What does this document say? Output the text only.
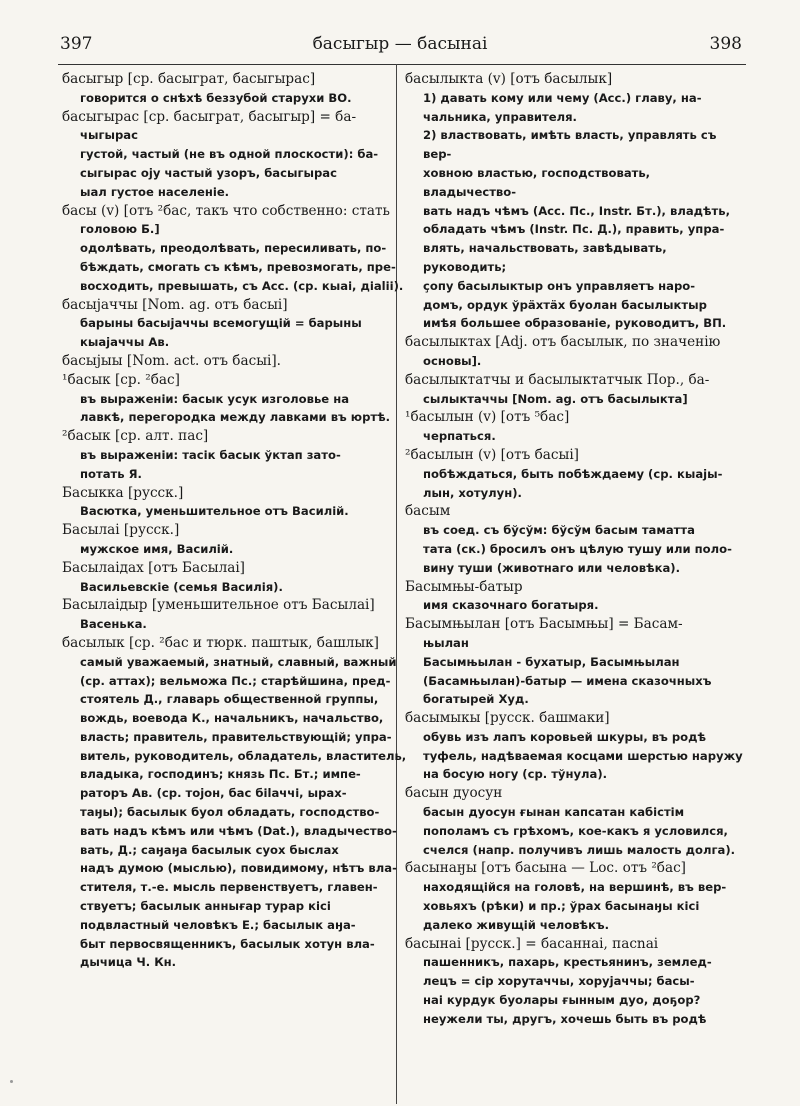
397	басыгыр — басынаі	398
басыгыр [ср. басыграт, басыгырас]
говорится о снѣхѣ беззубой старухи ВО.
басыгырас [ср. басыграт, басыгыр] = ба-
чыгырас
густой, частый (не въ одной плоскости): ба-
сыгырас оју частый узоръ, басыгырас
ыал густое населеніе.
басы (v) [отъ ²бас, такъ что собственно: стать
головою Б.]
одолѣвать, преодолѣвать, пересиливать, по-
бѣждать, смогать съ кѣмъ, превозмогать, пре-
восходить, превышать, съ Acc. (ср. кыаі, діаlіі).
басыјаччы [Nom. ag. отъ басыі]
барыны басыјаччы всемогущій = барыны
кыајаччы Ав.
басыјыы [Nom. act. отъ басыі].
¹басык [ср. ²бас]
въ выраженіи: басык усук изголовье на
лавкѣ, перегородка между лавками въ юртѣ.
²басык [ср. алт. пас]
въ выраженіи: тасік басык ўктап зато-
потать Я.
Басыкка [русск.]
Васютка, уменьшительное отъ Василій.
Басылаі [русск.]
мужское имя, Василій.
Басылаідах [отъ Басылаі]
Васильевскіе (семья Василія).
Басылаідыр [уменьшительное отъ Басылаі]
Васенька.
басылык [ср. ²бас и тюрк. паштык, башлык]
самый уважаемый, знатный, славный, важный
(ср. аттах); вельможа Пс.; старѣйшина, пред-
стоятель Д., главарь общественной группы,
вождь, воевода К., начальникъ, начальство,
власть; правитель, правительствующій; упра-
витель, руководитель, обладатель, властитель,
владыка, господинъ; князь Пс. Бт.; импе-
раторъ Ав. (ср. тојон, бас біlаччі, ырах-
таӈы); басылык буол обладать, господство-
вать надъ кѣмъ или чѣмъ (Dat.), владычество-
вать, Д.; саӈаӈа басылык суох быслах
надъ думою (мыслью), повидимому, нѣтъ вла-
стителя, т.-е. мысль первенствуетъ, главен-
ствуетъ; басылык аннығар турар кісі
подвластный человѣкъ Е.; басылык аӈа-
быт первосвященникъ, басылык хотун вла-
дычица Ч. Кн.
басылыкта (v) [отъ басылык]
1) давать кому или чему (Acc.) главу, на-
чальника, управителя.
2) властвовать, имѣть власть, управлять съ вер-
ховною властью, господствовать, владычество-
вать надъ чѣмъ (Acc. Пс., Instr. Бт.), владѣть,
обладать чѣмъ (Instr. Пс. Д.), править, упра-
влять, начальствовать, завѣдывать, руководить;
ҫопу басылыктыр онъ управляетъ наро-
домъ, ордук ўрӓхтӓх буолан басылыктыр
имѣя большее образованіе, руководитъ, ВП.
басылыктах [Adj. отъ басылык, по значенію
основы].
басылыктатчы и басылыктатчык Пор., ба-
сылыктаччы [Nom. ag. отъ басылыкта]
¹басылын (v) [отъ ⁵бас]
черпаться.
²басылын (v) [отъ басыі]
побѣждаться, быть побѣждаему (ср. кыајы-
лын, хотулун).
басым
въ соед. съ бўсўм: бўсўм басым таматта
тата (ск.) бросилъ онъ цѣлую тушу или поло-
вину туши (животнаго или человѣка).
Басымњы-батыр
имя сказочнаго богатыря.
Басымњылан [отъ Басымњы] = Басам-
њылан
Басымњылан - бухатыр, Басымњылан
(Басамњылан)-батыр — имена сказочныхъ
богатырей Худ.
басымыкы [русск. башмаки]
обувь изъ лапъ коровьей шкуры, въ родѣ
туфель, надѣваемая косцами шерстью наружу
на босую ногу (ср. тўнула).
басын дуосун
басын дуосун ғынан капсатан кабістім
пополамъ съ грѣхомъ, кое-какъ я условился,
счелся (напр. получивъ лишь малость долга).
басынаӈы [отъ басына — Loc. отъ ²бас]
находящійся на головѣ, на вершинѣ, въ вер-
ховьяхъ (рѣки) и пр.; ўрах басынаӈы кісі
далеко живущій человѣкъ.
басынаі [русск.] = басаннаі, пасnаі
пашенникъ, пахарь, крестьянинъ, землед-
лецъ = сір хорутаччы, хоруjаччы; басы-
наі курдук буолары ғынным дуо, доҕор?
неужели ты, другъ, хочешь быть въ родѣ
